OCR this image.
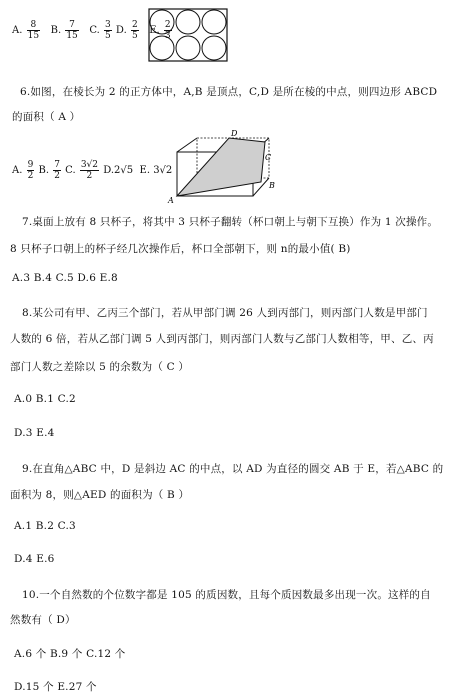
A. $\frac{8}{15} B$. $\frac{7}{15} C$. $\frac{3}{5} D$. $\frac{2}{5} E$. $\frac{2}{3}$
6.如图，在棱长为 2 的正方体中，A,B 是顶点，C,D 是所在棱的中点，则四边形 ABCD
的面积（ A ）
A. $\frac{9}{2} B$. $\frac{7}{2} C$. $\frac{3√2}{2} D.2√5$ E. 3√2
D
C
B
A
7.桌面上放有 8 只杯子，将其中 3 只杯子翻转（杯口朝上与朝下互换）作为 1 次操作。
8 只杯子口朝上的杯子经几次操作后，杯口全部朝下，则 n的最小值( B)
A.3 B.4 C.5 D.6 E.8
8.某公司有甲、乙丙三个部门，若从甲部门调 26 人到丙部门，则丙部门人数是甲部门
人数的 6 倍，若从乙部门调 5 人到丙部门，则丙部门人数与乙部门人数相等，甲、乙、丙
部门人数之差除以 5 的余数为（ C ）
A.0 B.1 C.2
D.3 E.4
9.在直角△ABC 中，D 是斜边 AC 的中点，以 AD 为直径的圆交 AB 于 E，若△ABC 的
面积为 8，则△AED 的面积为（ B ）
A.1 B.2 C.3
D.4 E.6
10.一个自然数的个位数字都是 105 的质因数，且每个质因数最多出现一次。这样的自
然数有（ D）
A.6 个 B.9 个 C.12 个
D.15 个 E.27 个
